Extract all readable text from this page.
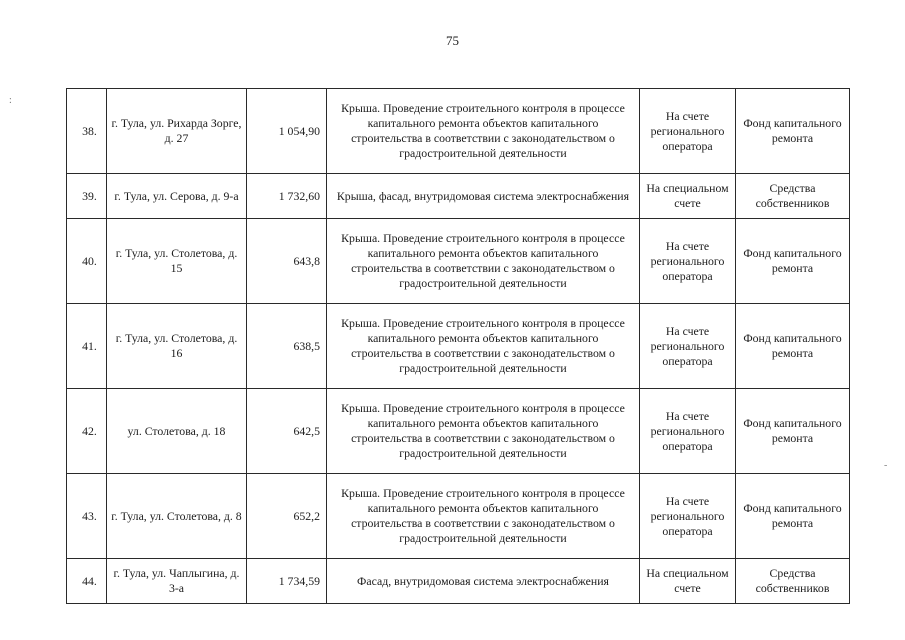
75
:
-
38.	г. Тула, ул. Рихарда Зорге, д. 27	1 054,90	Крыша. Проведение строительного контроля в процессе капитального ремонта объектов капитального строительства в соответствии с законодательством о градостроительной деятельности	На счете регионального оператора	Фонд капитального ремонта
39.	г. Тула, ул. Серова, д. 9-а	1 732,60	Крыша, фасад, внутридомовая система электроснабжения	На специальном счете	Средства собственников
40.	г. Тула, ул. Столетова, д. 15	643,8	Крыша. Проведение строительного контроля в процессе капитального ремонта объектов капитального строительства в соответствии с законодательством о градостроительной деятельности	На счете регионального оператора	Фонд капитального ремонта
41.	г. Тула, ул. Столетова, д. 16	638,5	Крыша. Проведение строительного контроля в процессе капитального ремонта объектов капитального строительства в соответствии с законодательством о градостроительной деятельности	На счете регионального оператора	Фонд капитального ремонта
42.	ул. Столетова, д. 18	642,5	Крыша. Проведение строительного контроля в процессе капитального ремонта объектов капитального строительства в соответствии с законодательством о градостроительной деятельности	На счете регионального оператора	Фонд капитального ремонта
43.	г. Тула, ул. Столетова, д. 8	652,2	Крыша. Проведение строительного контроля в процессе капитального ремонта объектов капитального строительства в соответствии с законодательством о градостроительной деятельности	На счете регионального оператора	Фонд капитального ремонта
44.	г. Тула, ул. Чаплыгина, д. 3-а	1 734,59	Фасад, внутридомовая система электроснабжения	На специальном счете	Средства собственников
